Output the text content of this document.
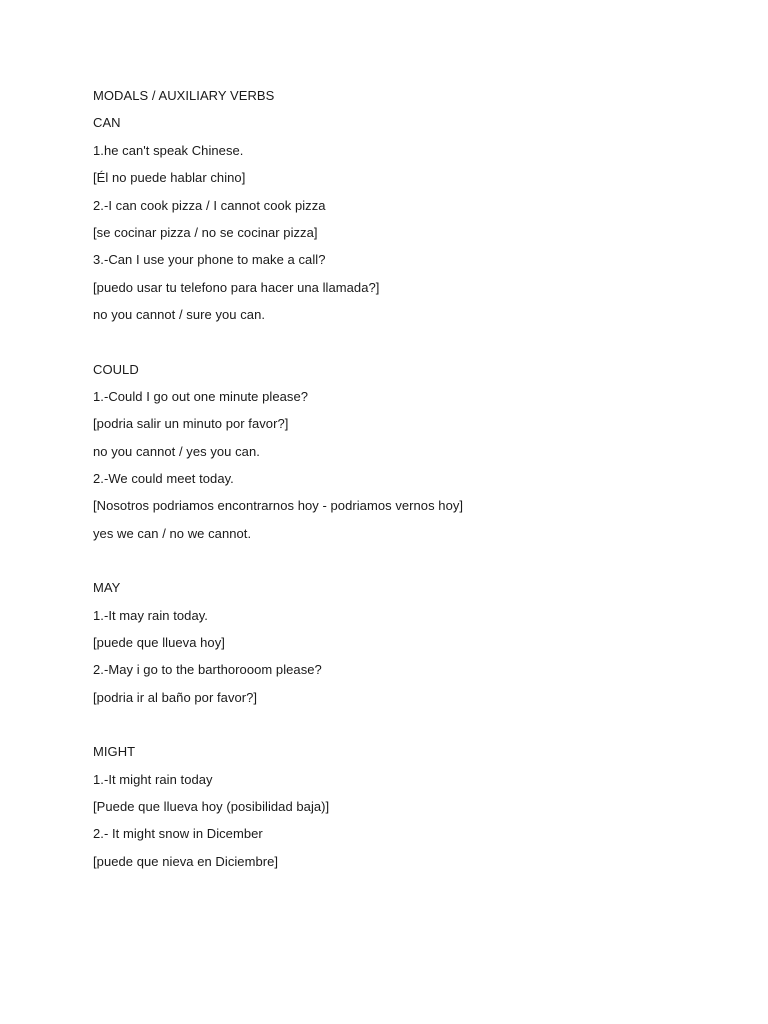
MODALS / AUXILIARY VERBS
CAN
1.he can't speak Chinese.
[Él no puede hablar chino]
2.-I can cook pizza / I cannot cook pizza
[se cocinar pizza / no se cocinar pizza]
3.-Can I use your phone to make a call?
[puedo usar tu telefono para hacer una llamada?]
no you cannot / sure you can.
COULD
1.-Could I go out one minute please?
[podria salir un minuto por favor?]
no you cannot / yes you can.
2.-We could meet today.
[Nosotros podriamos encontrarnos hoy - podriamos vernos hoy]
yes we can / no we cannot.
MAY
1.-It may rain today.
[puede que llueva hoy]
2.-May i go to the barthorooom please?
[podria ir al baño por favor?]
MIGHT
1.-It might rain today
[Puede que llueva hoy (posibilidad baja)]
2.- It might snow in Dicember
[puede que nieva en Diciembre]
